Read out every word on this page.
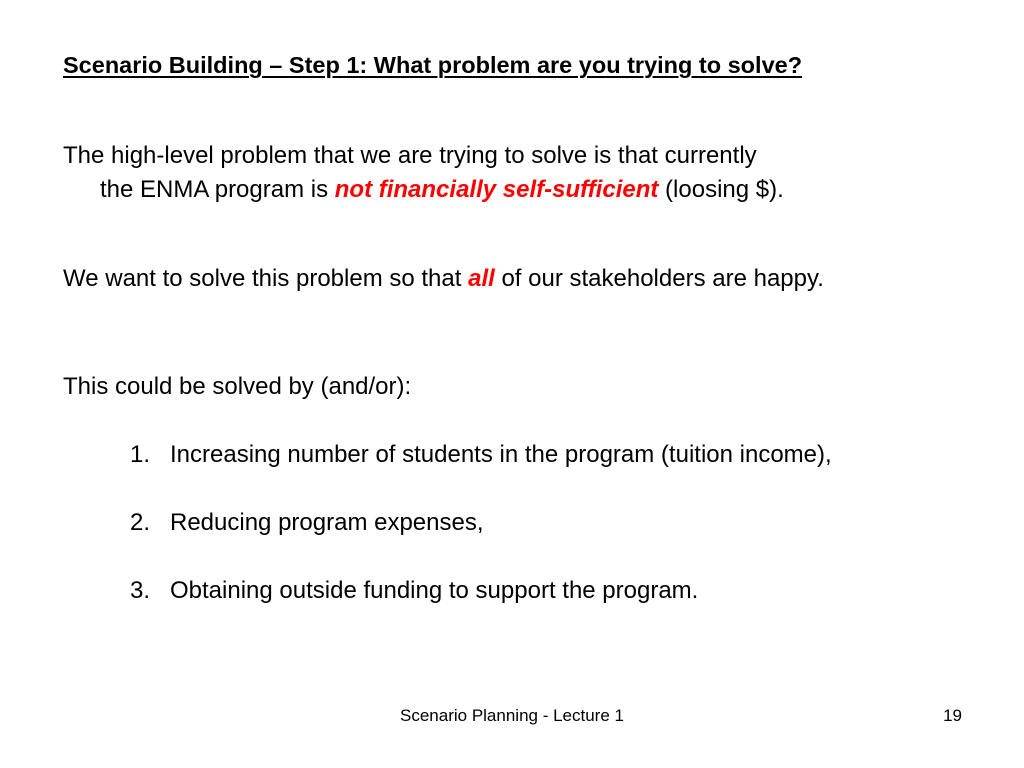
Scenario Building – Step 1: What problem are you trying to solve?
The high-level problem that we are trying to solve is that currently
the ENMA program is not financially self-sufficient (loosing $).
We want to solve this problem so that all of our stakeholders are happy.
This could be solved by (and/or):
1. Increasing number of students in the program (tuition income),
2. Reducing program expenses,
3. Obtaining outside funding to support the program.
Scenario Planning - Lecture 1	19
